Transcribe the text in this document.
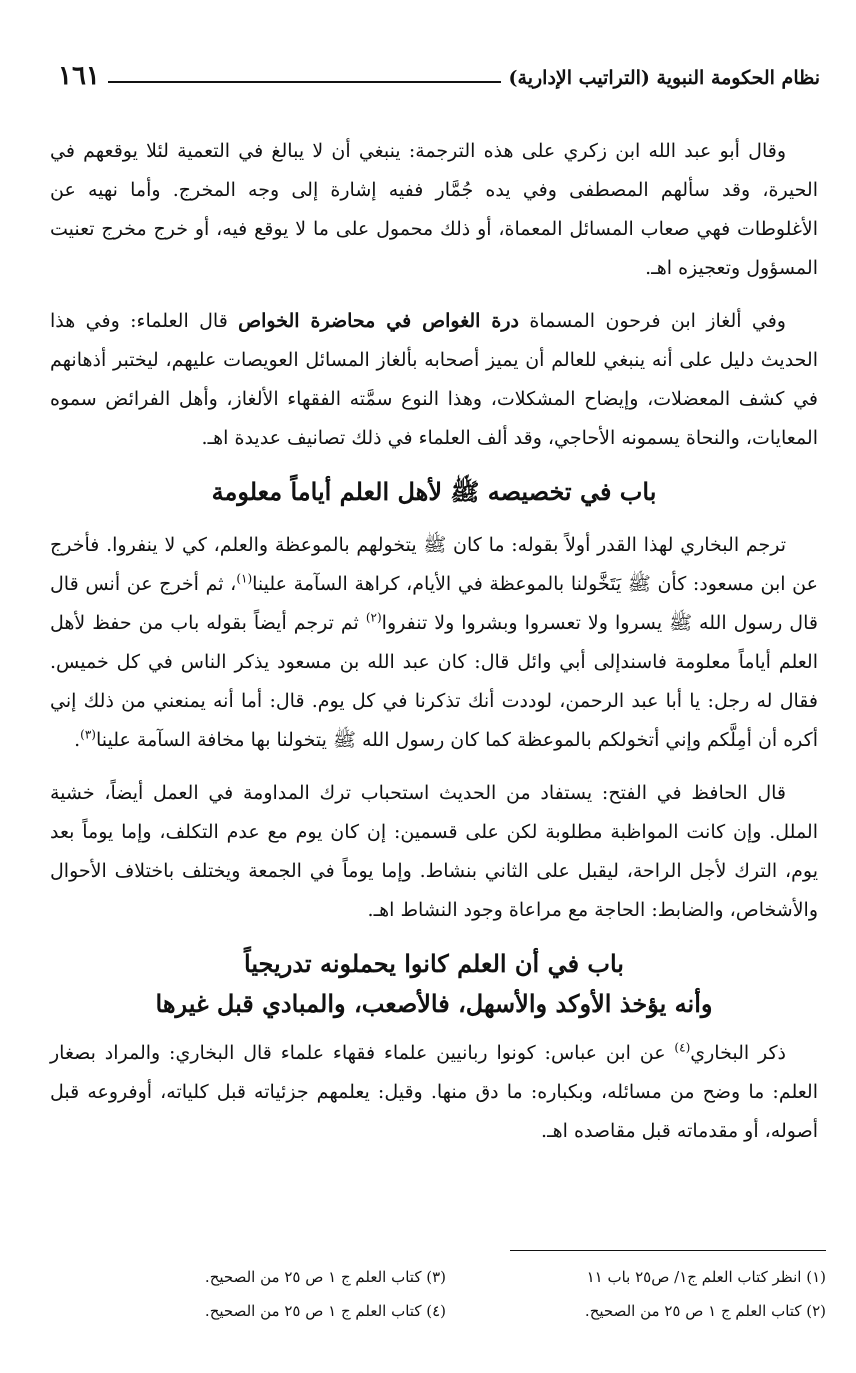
نظام الحكومة النبوية (التراتيب الإدارية)
١٦١

وقال أبو عبد الله ابن زكري على هذه الترجمة: ينبغي أن لا يبالغ في التعمية لئلا يوقعهم في الحيرة، وقد سألهم المصطفى وفي يده جُمَّار ففيه إشارة إلى وجه المخرج. وأما نهيه عن الأغلوطات فهي صعاب المسائل المعماة، أو ذلك محمول على ما لا يوقع فيه، أو خرج مخرج تعنيت المسؤول وتعجيزه اهـ.

وفي ألغاز ابن فرحون المسماة درة الغواص في محاضرة الخواص قال العلماء: وفي هذا الحديث دليل على أنه ينبغي للعالم أن يميز أصحابه بألغاز المسائل العويصات عليهم، ليختبر أذهانهم في كشف المعضلات، وإيضاح المشكلات، وهذا النوع سمَّته الفقهاء الألغاز، وأهل الفرائض سموه المعايات، والنحاة يسمونه الأحاجي، وقد ألف العلماء في ذلك تصانيف عديدة اهـ.

باب في تخصيصه ﷺ لأهل العلم أياماً معلومة

ترجم البخاري لهذا القدر أولاً بقوله: ما كان ﷺ يتخولهم بالموعظة والعلم، كي لا ينفروا. فأخرج عن ابن مسعود: كأن ﷺ يَتَخَّولنا بالموعظة في الأيام، كراهة السآمة علينا$^{(١)}$، ثم أخرج عن أنس قال قال رسول الله ﷺ يسروا ولا تعسروا وبشروا ولا تنفروا$^{(٢)}$ ثم ترجم أيضاً بقوله باب من حفظ لأهل العلم أياماً معلومة فاسندإلى أبي وائل قال: كان عبد الله بن مسعود يذكر الناس في كل خميس. فقال له رجل: يا أبا عبد الرحمن، لوددت أنك تذكرنا في كل يوم. قال: أما أنه يمنعني من ذلك إني أكره أن أمِلَّكم وإني أتخولكم بالموعظة كما كان رسول الله ﷺ يتخولنا بها مخافة السآمة علينا$^{(٣)}$.

قال الحافظ في الفتح: يستفاد من الحديث استحباب ترك المداومة في العمل أيضاً، خشية الملل. وإن كانت المواظبة مطلوبة لكن على قسمين: إن كان يوم مع عدم التكلف، وإما يوماً بعد يوم، الترك لأجل الراحة، ليقبل على الثاني بنشاط. وإما يوماً في الجمعة ويختلف باختلاف الأحوال والأشخاص، والضابط: الحاجة مع مراعاة وجود النشاط اهـ.

باب في أن العلم كانوا يحملونه تدريجياً
وأنه يؤخذ الأوكد والأسهل، فالأصعب، والمبادي قبل غيرها

ذكر البخاري$^{(٤)}$ عن ابن عباس: كونوا ربانيين علماء فقهاء علماء قال البخاري: والمراد بصغار العلم: ما وضح من مسائله، وبكباره: ما دق منها. وقيل: يعلمهم جزئياته قبل كلياته، أوفروعه قبل أصوله، أو مقدماته قبل مقاصده اهـ.

(١) انظر كتاب العلم ج١/ ص٢٥ باب ١١
(٣) كتاب العلم ج ١ ص ٢٥ من الصحيح.
(٢) كتاب العلم ج ١ ص ٢٥ من الصحيح.
(٤) كتاب العلم ج ١ ص ٢٥ من الصحيح.
